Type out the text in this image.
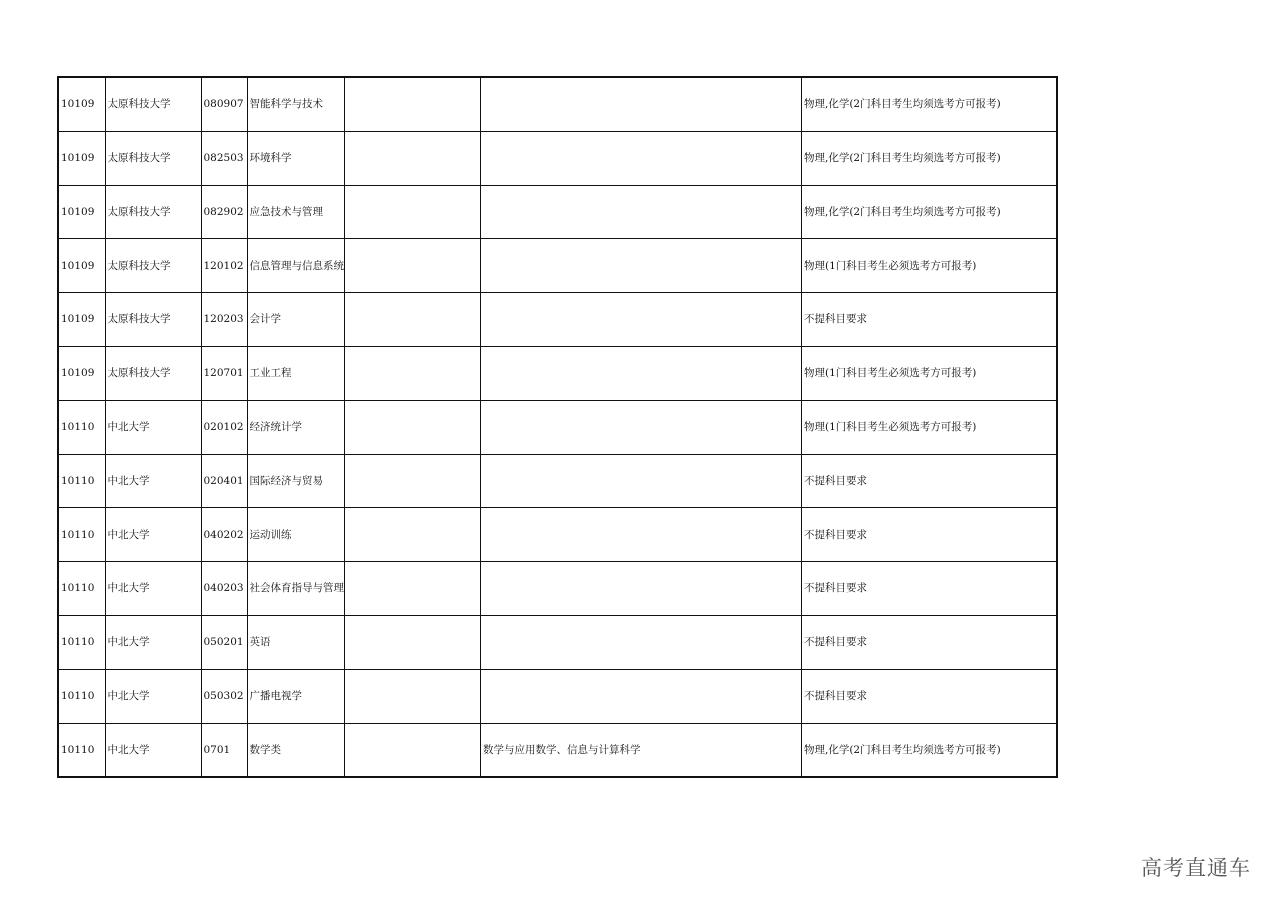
10109	太原科技大学	080907	智能科学与技术			物理,化学(2门科目考生均须选考方可报考)
10109	太原科技大学	082503	环境科学			物理,化学(2门科目考生均须选考方可报考)
10109	太原科技大学	082902	应急技术与管理			物理,化学(2门科目考生均须选考方可报考)
10109	太原科技大学	120102	信息管理与信息系统			物理(1门科目考生必须选考方可报考)
10109	太原科技大学	120203	会计学			不提科目要求
10109	太原科技大学	120701	工业工程			物理(1门科目考生必须选考方可报考)
10110	中北大学	020102	经济统计学			物理(1门科目考生必须选考方可报考)
10110	中北大学	020401	国际经济与贸易			不提科目要求
10110	中北大学	040202	运动训练			不提科目要求
10110	中北大学	040203	社会体育指导与管理			不提科目要求
10110	中北大学	050201	英语			不提科目要求
10110	中北大学	050302	广播电视学			不提科目要求
10110	中北大学	0701	数学类		数学与应用数学、信息与计算科学	物理,化学(2门科目考生均须选考方可报考)
高考直通车
